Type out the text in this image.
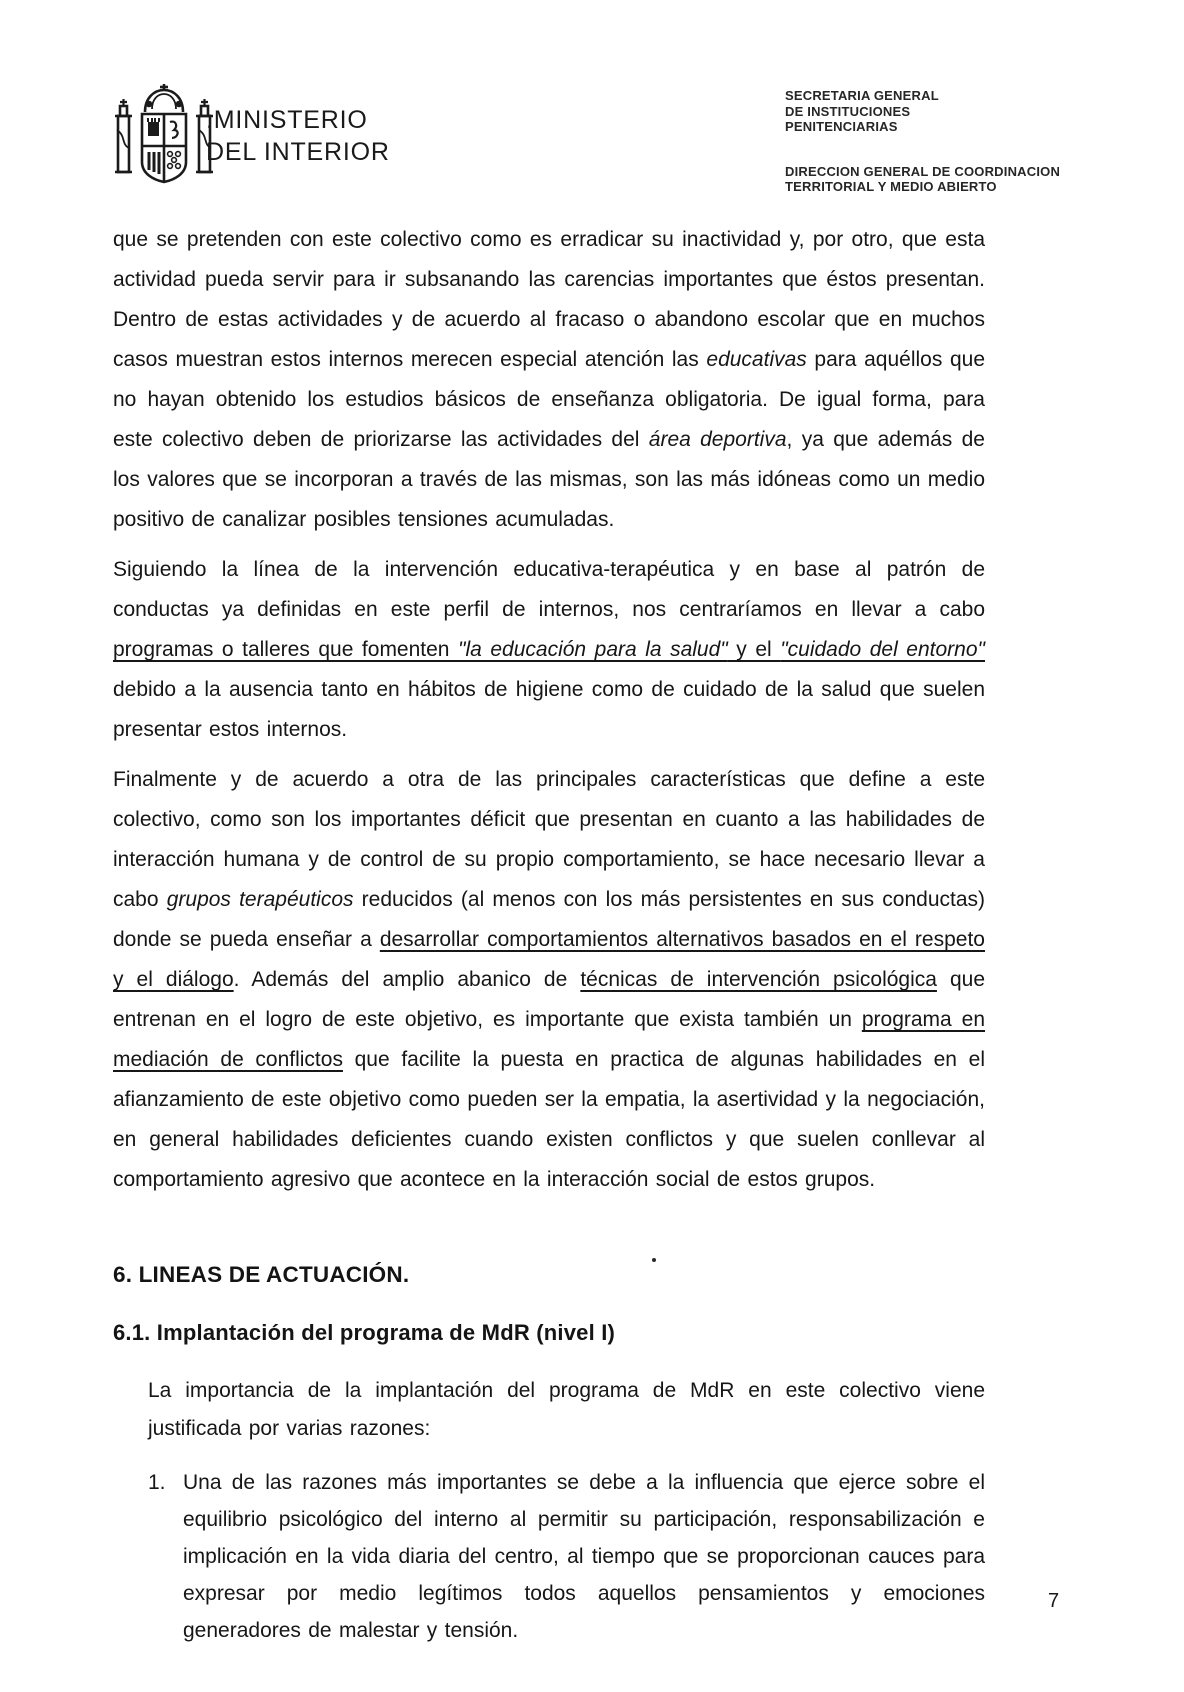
:MINISTERIO
DEL INTERIOR
SECRETARIA GENERAL
DE INSTITUCIONES
PENITENCIARIAS
DIRECCION GENERAL DE COORDINACION
TERRITORIAL Y MEDIO ABIERTO

que se pretenden con este colectivo como es erradicar su inactividad y, por otro, que esta actividad pueda servir para ir subsanando las carencias importantes que éstos presentan. Dentro de estas actividades y de acuerdo al fracaso o abandono escolar que en muchos casos muestran estos internos merecen especial atención las educativas para aquéllos que no hayan obtenido los estudios básicos de enseñanza obligatoria. De igual forma, para este colectivo deben de priorizarse las actividades del área deportiva, ya que además de los valores que se incorporan a través de las mismas, son las más idóneas como un medio positivo de canalizar posibles tensiones acumuladas.

Siguiendo la línea de la intervención educativa-terapéutica y en base al patrón de conductas ya definidas en este perfil de internos, nos centraríamos en llevar a cabo programas o talleres que fomenten "la educación para la salud" y el "cuidado del entorno" debido a la ausencia tanto en hábitos de higiene como de cuidado de la salud que suelen presentar estos internos.

Finalmente y de acuerdo a otra de las principales características que define a este colectivo, como son los importantes déficit que presentan en cuanto a las habilidades de interacción humana y de control de su propio comportamiento, se hace necesario llevar a cabo grupos terapéuticos reducidos (al menos con los más persistentes en sus conductas) donde se pueda enseñar a desarrollar comportamientos alternativos basados en el respeto y el diálogo. Además del amplio abanico de técnicas de intervención psicológica que entrenan en el logro de este objetivo, es importante que exista también un programa en mediación de conflictos que facilite la puesta en practica de algunas habilidades en el afianzamiento de este objetivo como pueden ser la empatia, la asertividad y la negociación, en general habilidades deficientes cuando existen conflictos y que suelen conllevar al comportamiento agresivo que acontece en la interacción social de estos grupos.

6. LINEAS DE ACTUACIÓN.
6.1. Implantación del programa de MdR (nivel I)
La importancia de la implantación del programa de MdR en este colectivo viene justificada por varias razones:
1. Una de las razones más importantes se debe a la influencia que ejerce sobre el equilibrio psicológico del interno al permitir su participación, responsabilización e implicación en la vida diaria del centro, al tiempo que se proporcionan cauces para expresar por medio legítimos todos aquellos pensamientos y emociones generadores de malestar y tensión.
7
